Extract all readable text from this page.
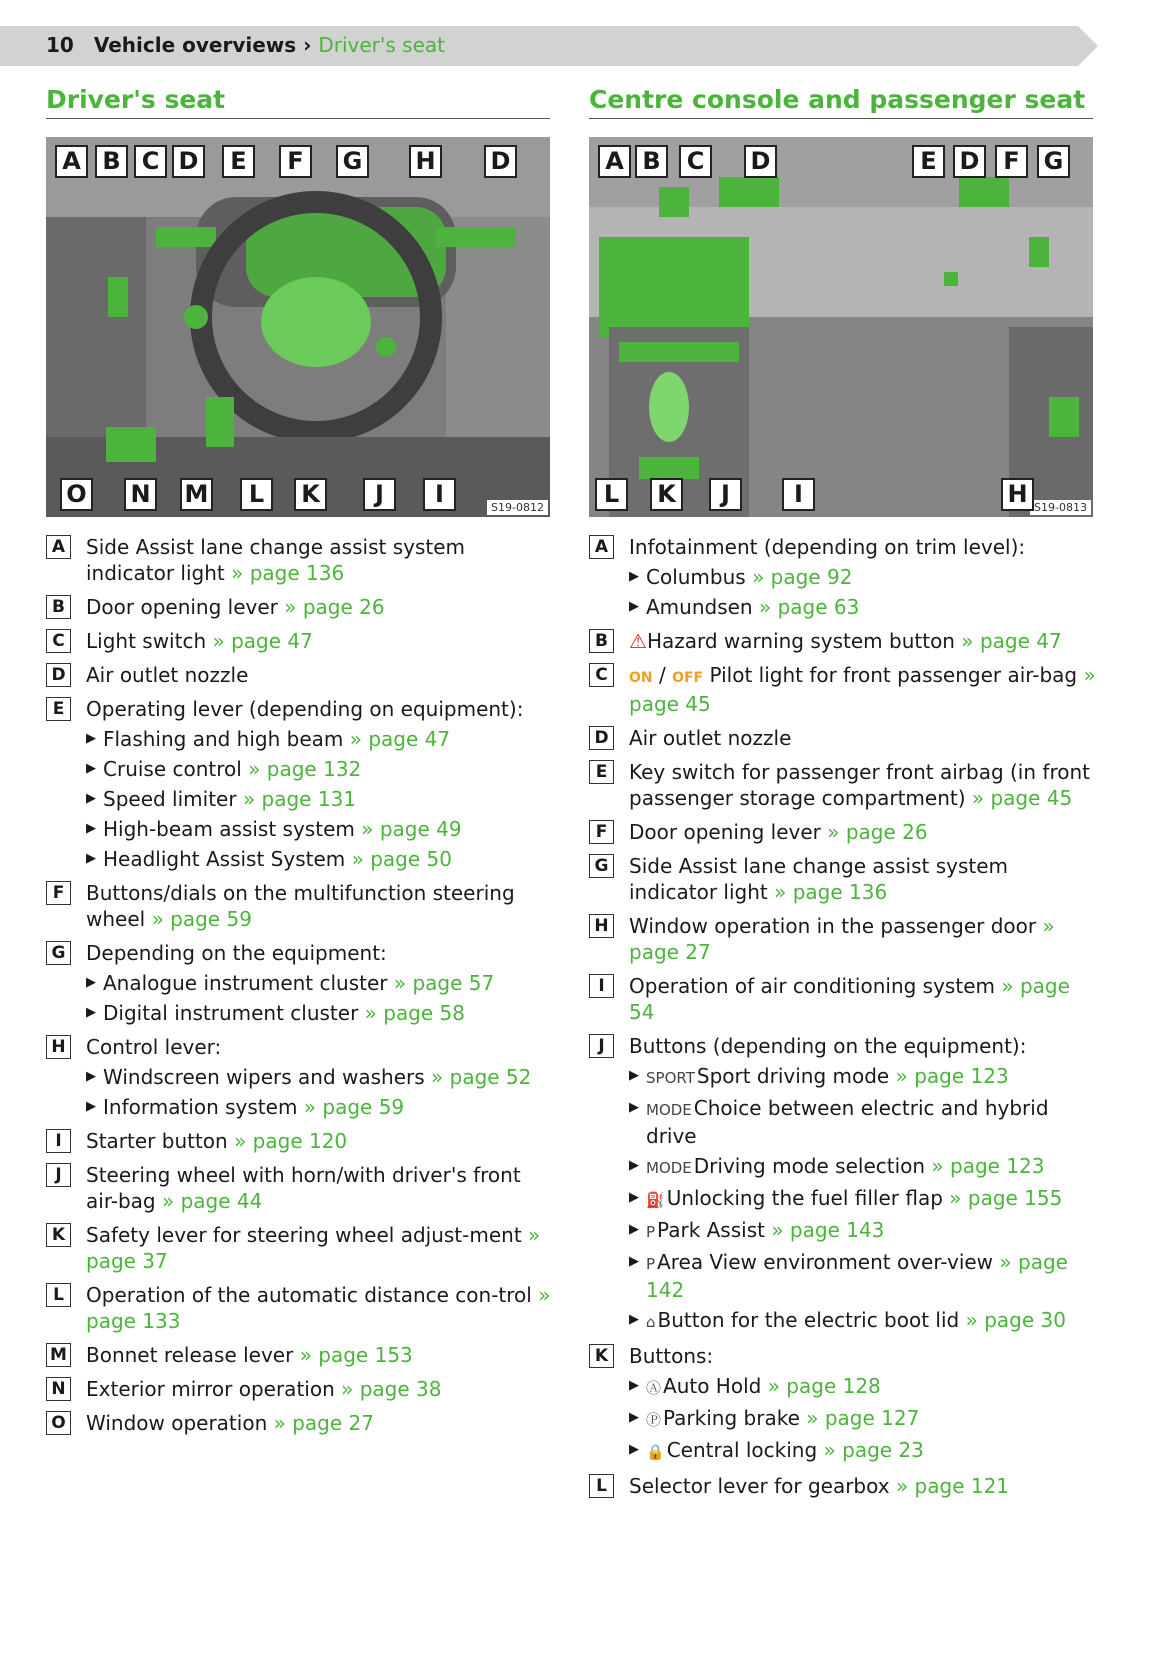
10 Vehicle overviews › Driver's seat
Driver's seat	Centre console and passenger seat
S19-0812
A B C D	E	F	G H D
O N M	L	K	J	I	S19-0813
A B	C	D	E D F G
L	K	J	I	H
A Side Assist lane change assist system indicator light » page 136
B	Door opening lever » page 26
C	Light switch » page 47
D Air outlet nozzle
E	Operating lever (depending on equipment):
▶ Flashing and high beam » page 47
▶ Cruise control » page 132
▶ Speed limiter » page 131
▶ High-beam assist system » page 49
▶ Headlight Assist System » page 50
F	Buttons/dials on the multifunction steering wheel » page 59
G Depending on the equipment:
▶ Analogue instrument cluster » page 57
▶ Digital instrument cluster » page 58
H Control lever:
▶ Windscreen wipers and washers » page 52
▶ Information system » page 59
I	Starter button » page 120
J	Steering wheel with horn/with driver's front air-bag » page 44
K Safety lever for steering wheel adjust-ment » page 37
L	Operation of the automatic distance con-trol » page 133
M Bonnet release lever » page 153
N Exterior mirror operation » page 38
O Window operation » page 27
A Infotainment (depending on trim level):
▶ Columbus » page 92
▶ Amundsen » page 63
B	⚠Hazard warning system button » page 47
C	ON / OFF Pilot light for front passenger air-bag » page 45
D Air outlet nozzle
E	Key switch for passenger front airbag (in front passenger storage compartment) » page 45
F	Door opening lever » page 26
G Side Assist lane change assist system indicator light » page 136
H Window operation in the passenger door » page 27
I	Operation of air conditioning system » page 54
J	Buttons (depending on the equipment):
▶ SPORT Sport driving mode » page 123
▶ MODE Choice between electric and hybrid drive
▶ MODE Driving mode selection » page 123
▶ ⛽ Unlocking the fuel filler flap » page 155
▶ P Park Assist » page 143
▶ P Area View environment over-view » page 142
▶ ⌂ Button for the electric boot lid » page 30
K Buttons:
▶ Ⓐ Auto Hold » page 128
▶ Ⓟ Parking brake » page 127
▶ 🔒 Central locking » page 23
L	Selector lever for gearbox » page 121
